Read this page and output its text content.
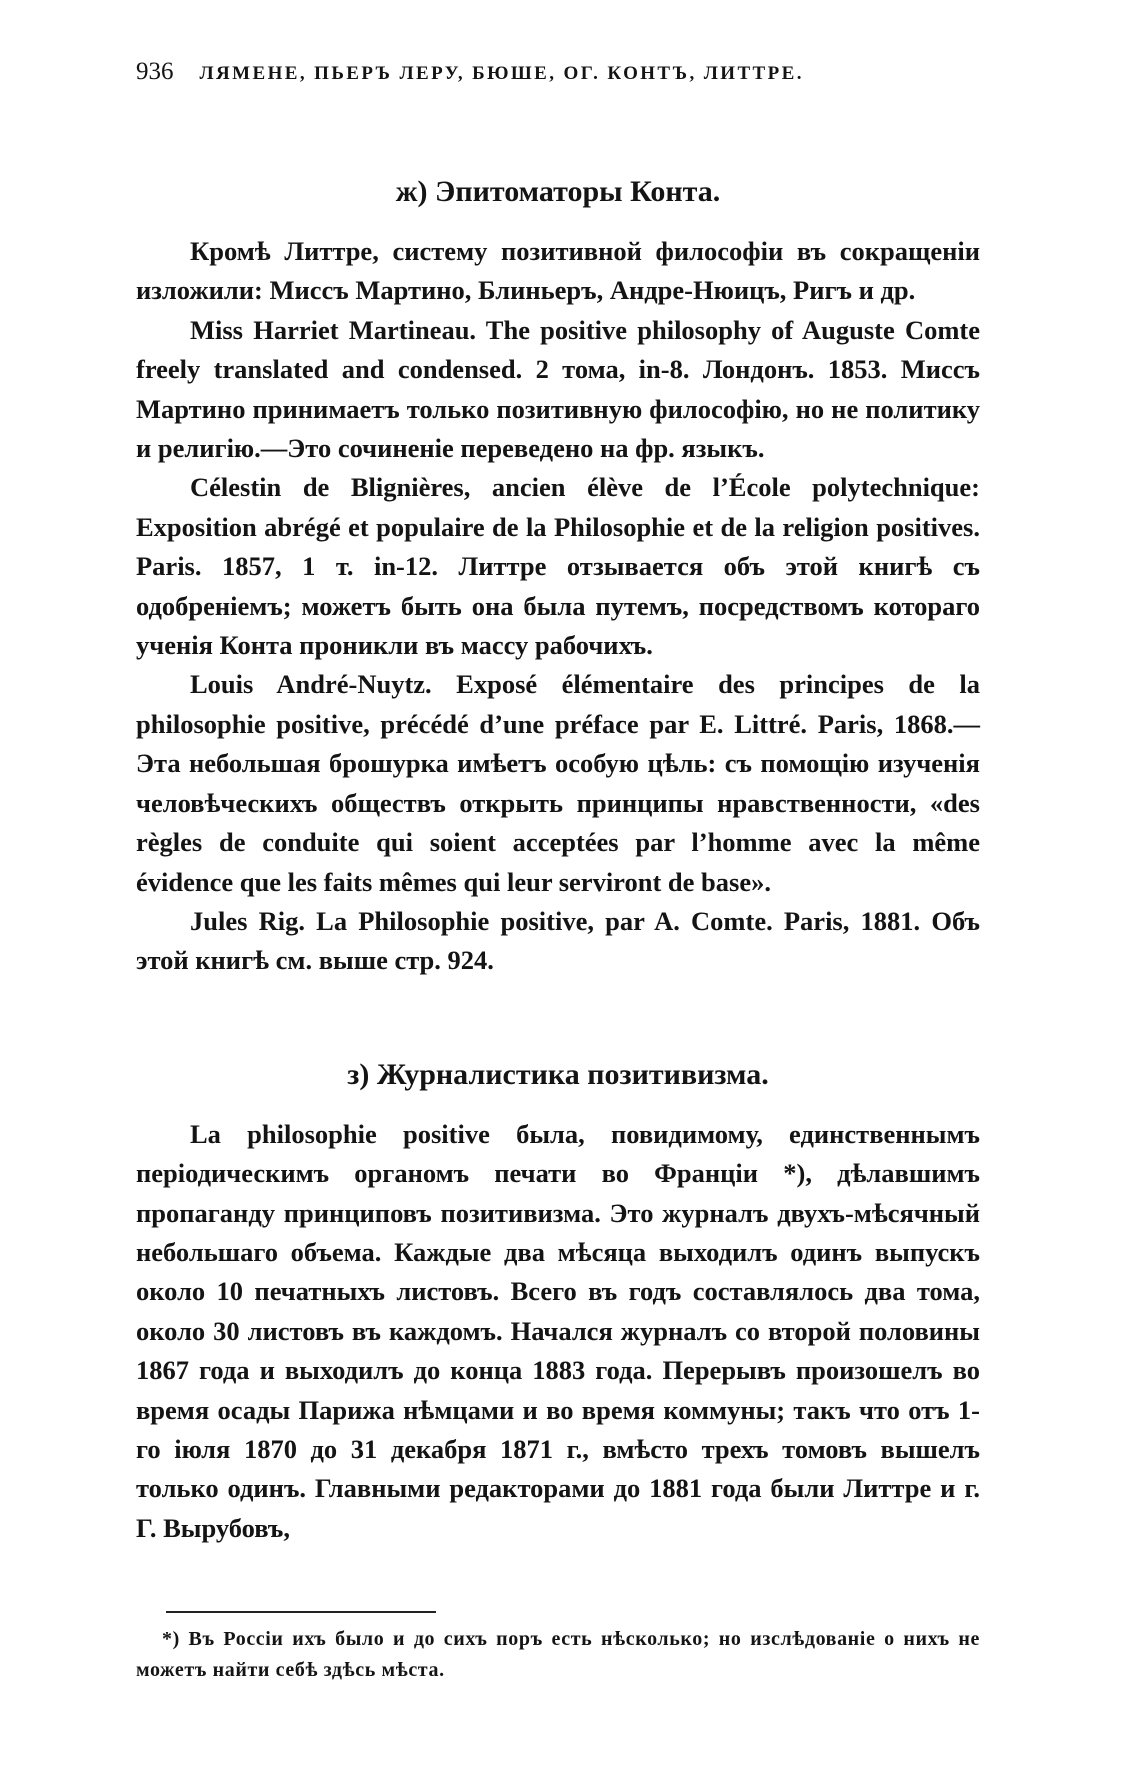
936 ЛЯМЕНЕ, ПЬЕРЪ ЛЕРУ, БЮШЕ, ОГ. КОНТЪ, ЛИТТРЕ.
ж) Эпитоматоры Конта.

Кромѣ Литтре, систему позитивной философіи въ сокращеніи изложили: Миссъ Мартино, Блиньеръ, Андре-Нюицъ, Ригъ и др.

Miss Harriet Martineau. The positive philosophy of Auguste Comte freely translated and condensed. 2 тома, in-8. Лондонъ. 1853. Миссъ Мартино принимаетъ только позитивную философію, но не политику и религію.—Это сочиненіе переведено на фр. языкъ.

Célestin de Blignières, ancien élève de l’École polytechnique: Exposition abrégé et populaire de la Philosophie et de la religion positives. Paris. 1857, 1 т. in-12. Литтре отзывается объ этой книгѣ съ одобреніемъ; можетъ быть она была путемъ, посредствомъ котораго ученія Конта проникли въ массу рабочихъ.

Louis André-Nuytz. Exposé élémentaire des principes de la philosophie positive, précédé d’une préface par E. Littré. Paris, 1868.— Эта небольшая брошурка имѣетъ особую цѣль: съ помощію изученія человѣческихъ обществъ открыть принципы нравственности, «des règles de conduite qui soient acceptées par l’homme avec la même évidence que les faits mêmes qui leur serviront de base».

Jules Rig. La Philosophie positive, par A. Comte. Paris, 1881. Объ этой книгѣ см. выше стр. 924.

з) Журналистика позитивизма.

La philosophie positive была, повидимому, единственнымъ періодическимъ органомъ печати во Франціи *), дѣлавшимъ пропаганду принциповъ позитивизма. Это журналъ двухъ-мѣсячный небольшаго объема. Каждые два мѣсяца выходилъ одинъ выпускъ около 10 печатныхъ листовъ. Всего въ годъ составлялось два тома, около 30 листовъ въ каждомъ. Начался журналъ со второй половины 1867 года и выходилъ до конца 1883 года. Перерывъ произошелъ во время осады Парижа нѣмцами и во время коммуны; такъ что отъ 1-го іюля 1870 до 31 декабря 1871 г., вмѣсто трехъ томовъ вышелъ только одинъ. Главными редакторами до 1881 года были Литтре и г. Г. Вырубовъ,

*) Въ Россіи ихъ было и до сихъ поръ есть нѣсколько; но изслѣдованіе о нихъ не можетъ найти себѣ здѣсь мѣста.
